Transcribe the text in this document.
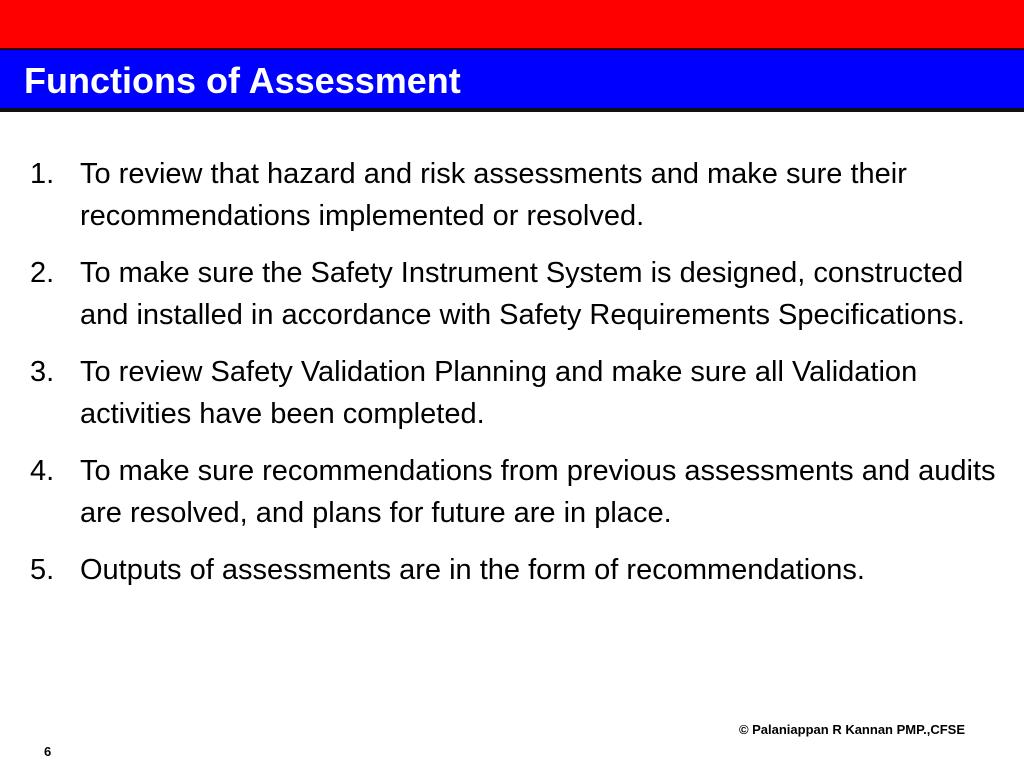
Functions of Assessment
1. To review that hazard and risk assessments and make sure their recommendations implemented or resolved.
2. To make sure the Safety Instrument System is designed, constructed and installed in accordance with Safety Requirements Specifications.
3. To review Safety Validation Planning and make sure all Validation activities have been completed.
4. To make sure recommendations from previous assessments and audits are resolved, and plans for future are in place.
5. Outputs of assessments are in the form of recommendations.
© Palaniappan R Kannan PMP.,CFSE
6
